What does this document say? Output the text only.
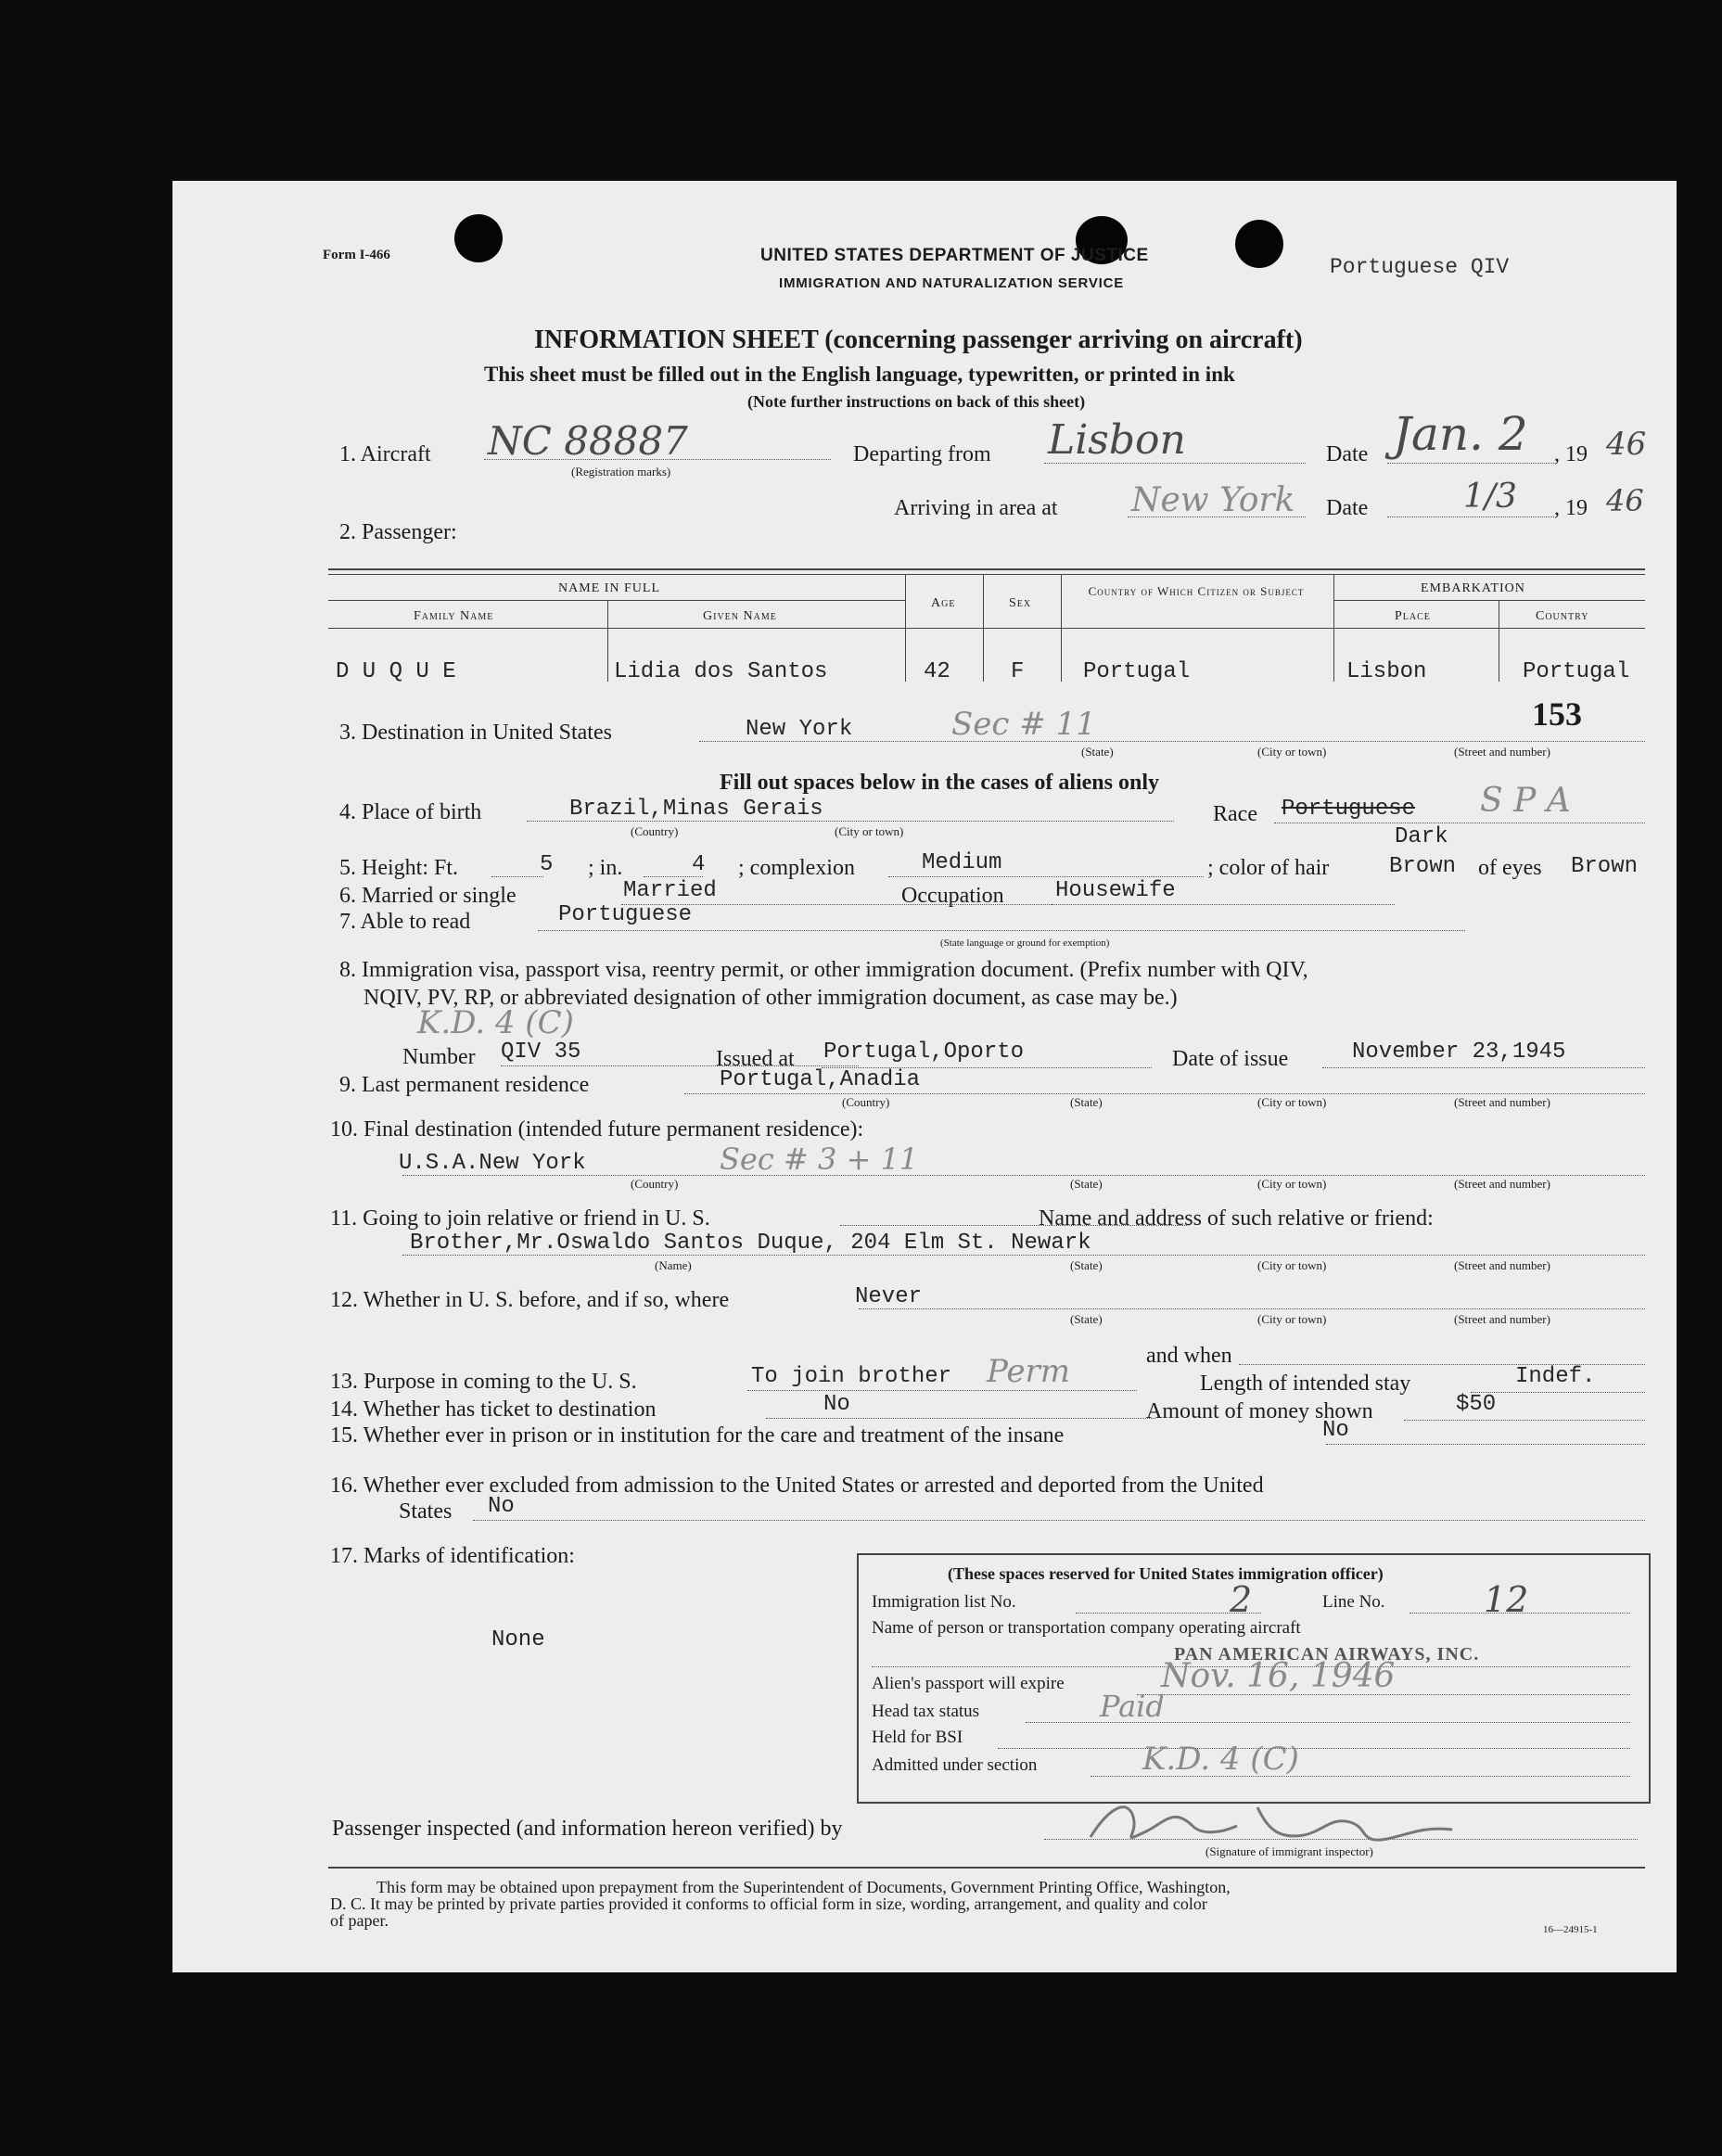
Form I-466	UNITED STATES DEPARTMENT OF JUSTICE
IMMIGRATION AND NATURALIZATION SERVICE
Portuguese QIV
INFORMATION SHEET (concerning passenger arriving on aircraft)
This sheet must be filled out in the English language, typewritten, or printed in ink
(Note further instructions on back of this sheet)
1. Aircraft NC 88887
(Registration marks)
Departing from Lisbon	Date Jan. 2 , 19 46
Arriving in area at New York Date	1/3 , 19 46
2. Passenger:
NAME IN FULL
Family Name	Given Name
Age	Sex
Country of Which Citizen or Subject	EMBARKATION
Place	Country
D U Q U E	Lidia dos Santos	42	F	Portugal	Lisbon	Portugal
3. Destination in United States	New York	Sec # 11	153
(State)	(City or town)	(Street and number)
Fill out spaces below in the cases of aliens only
4. Place of birth	Brazil,Minas Gerais
(Country)	(City or town)
Race Portuguese S P A
Dark
5. Height: Ft.	5 ; in.	4 ; complexion	Medium	; color of hair	Brown of eyes Brown
6. Married or single	Married	Occupation Housewife
7. Able to read	Portuguese
(State language or ground for exemption)
8. Immigration visa, passport visa, reentry permit, or other immigration document. (Prefix number with QIV,
NQIV, PV, RP, or abbreviated designation of other immigration document, as case may be.)
K.D. 4 (C)
Number QIV 35	Issued at Portugal,Oporto	Date of issue	November 23,1945
9. Last permanent residence	Portugal,Anadia
(Country)	(State)	(City or town)	(Street and number)
10. Final destination (intended future permanent residence):
U.S.A.New York	Sec # 3 + 11
(Country)	(State)	(City or town)	(Street and number)
11. Going to join relative or friend in U. S.	Name and address of such relative or friend:
Brother,Mr.Oswaldo Santos Duque, 204 Elm St. Newark
(Name)	(State)	(City or town)	(Street and number)
12. Whether in U. S. before, and if so, where	Never
(State)	(City or town)	(Street and number)
and when
13. Purpose in coming to the U. S.	To join brother Perm	Length of intended stay	Indef.
14. Whether has ticket to destination	No	Amount of money shown	$50
15. Whether ever in prison or in institution for the care and treatment of the insane	No
16. Whether ever excluded from admission to the United States or arrested and deported from the United
States No
17. Marks of identification:
None
(These spaces reserved for United States immigration officer)
Immigration list No.	2	Line No.	12
Name of person or transportation company operating aircraft
PAN AMERICAN AIRWAYS, INC.
Alien's passport will expire	Nov. 16, 1946
Head tax status	Paid
Held for BSI
Admitted under section	K.D. 4 (C)
Passenger inspected (and information hereon verified) by
(Signature of immigrant inspector)
This form may be obtained upon prepayment from the Superintendent of Documents, Government Printing Office, Washington,
D. C. It may be printed by private parties provided it conforms to official form in size, wording, arrangement, and quality and color
of paper.	16—24915-1
